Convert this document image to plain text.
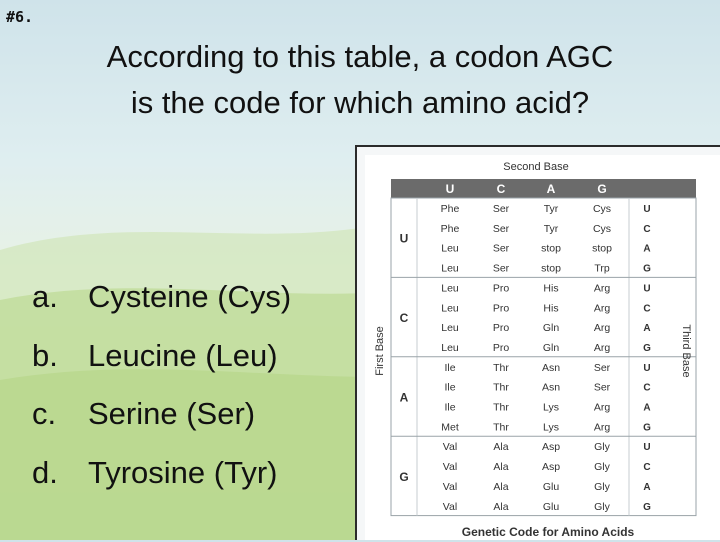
#6.
According to this table, a codon AGC
is the code for which amino acid?
a. Cysteine (Cys)
b. Leucine (Leu)
c.	Serine (Ser)
d. Tyrosine (Tyr)
Second Base
U	C	A	G
U
Phe	Ser	Tyr	Cys	U
Phe	Ser	Tyr	Cys	C
Leu	Ser	stop	stop	A
Leu	Ser	stop	Trp	G
C
Leu	Pro	His	Arg	U
Leu	Pro	His	Arg	C
Leu	Pro	Gln	Arg	A
Leu	Pro	Gln	Arg	G
A
Ile	Thr	Asn	Ser	U
Ile	Thr	Asn	Ser	C
Ile	Thr	Lys	Arg	A
Met	Thr	Lys	Arg	G
G
Val	Ala	Asp	Gly	U
Val	Ala	Asp	Gly	C
Val	Ala	Glu	Gly	A
Val	Ala	Glu	Gly	G
First Base	Third Base
Genetic Code for Amino Acids
